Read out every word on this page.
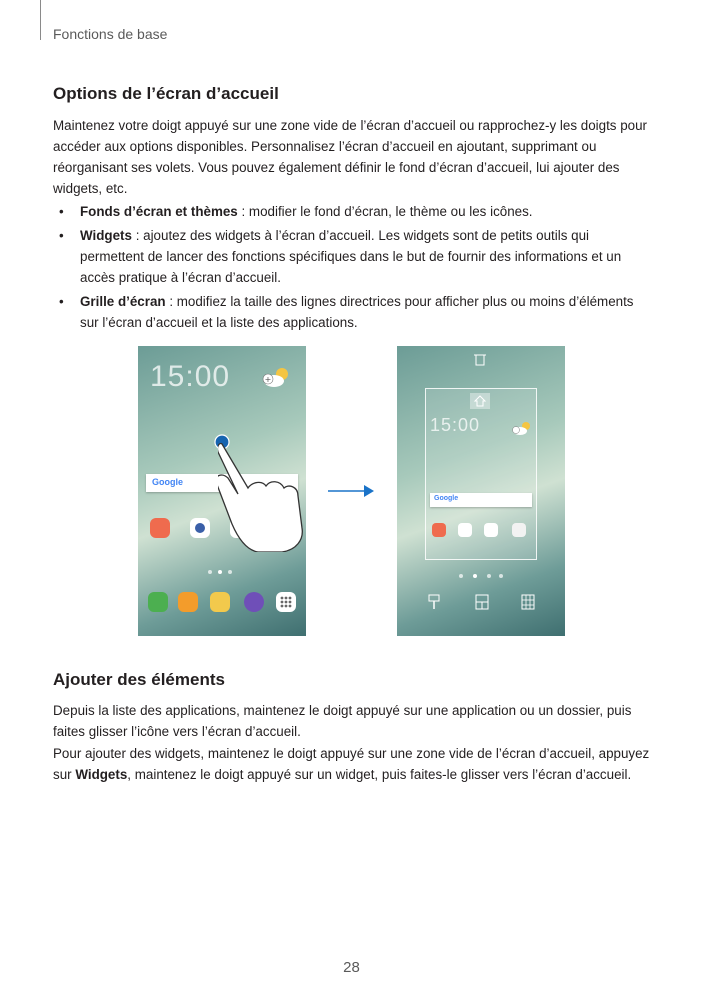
Fonctions de base
Options de l’écran d’accueil

Maintenez votre doigt appuyé sur une zone vide de l’écran d’accueil ou rapprochez-y les doigts pour accéder aux options disponibles. Personnalisez l’écran d’accueil en ajoutant, supprimant ou réorganisant ses volets. Vous pouvez également définir le fond d’écran d’accueil, lui ajouter des widgets, etc.

• Fonds d’écran et thèmes : modifier le fond d’écran, le thème ou les icônes.
• Widgets : ajoutez des widgets à l’écran d’accueil. Les widgets sont de petits outils qui permettent de lancer des fonctions spécifiques dans le but de fournir des informations et un accès pratique à l’écran d’accueil.
• Grille d’écran : modifiez la taille des lignes directrices pour afficher plus ou moins d’éléments sur l’écran d’accueil et la liste des applications.
15:00	+
Google
15:00
Google
Ajouter des éléments

Depuis la liste des applications, maintenez le doigt appuyé sur une application ou un dossier, puis faites glisser l’icône vers l’écran d’accueil.

Pour ajouter des widgets, maintenez le doigt appuyé sur une zone vide de l’écran d’accueil, appuyez sur Widgets, maintenez le doigt appuyé sur un widget, puis faites-le glisser vers l’écran d’accueil.

28
